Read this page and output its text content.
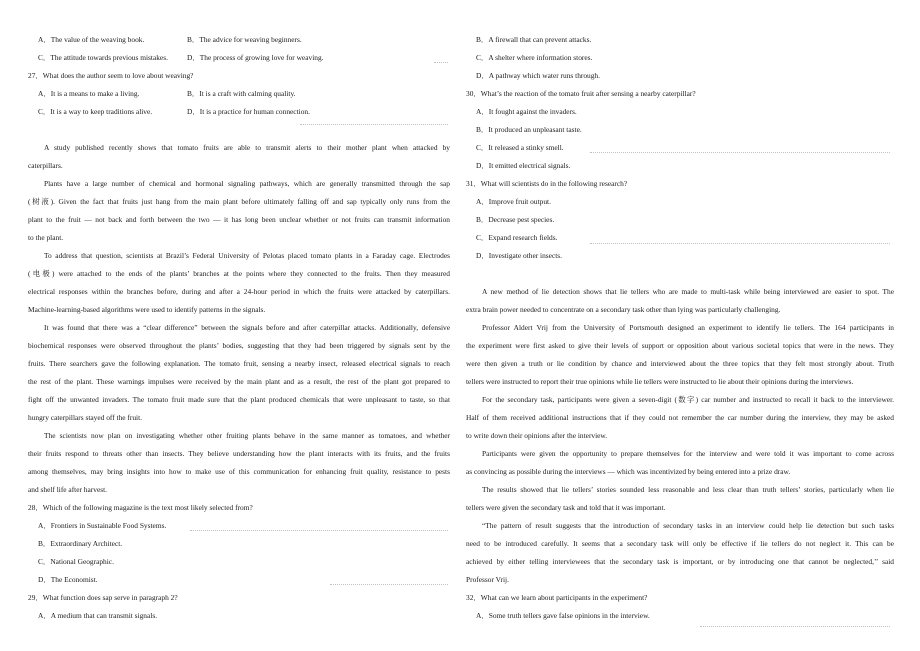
A．The value of the weaving book.	B．The advice for weaving beginners.
C．The attitude towards previous mistakes.	D．The process of growing love for weaving.
27．What does the author seem to love about weaving?
A．It is a means to make a living.	B．It is a craft with calming quality.
C．It is a way to keep traditions alive.	D．It is a practice for human connection.
A study published recently shows that tomato fruits are able to transmit alerts to their mother plant when attacked by
caterpillars.
Plants have a large number of chemical and hormonal signaling pathways, which are generally transmitted through the sap
(树液). Given the fact that fruits just hang from the main plant before ultimately falling off and sap typically only runs from the
plant to the fruit — not back and forth between the two — it has long been unclear whether or not fruits can transmit information
to the plant.
To address that question, scientists at Brazil’s Federal University of Pelotas placed tomato plants in a Faraday cage. Electrodes
(电极) were attached to the ends of the plants’ branches at the points where they connected to the fruits. Then they measured
electrical responses within the branches before, during and after a 24-hour period in which the fruits were attacked by caterpillars.
Machine-learning-based algorithms were used to identify patterns in the signals.
It was found that there was a “clear difference” between the signals before and after caterpillar attacks. Additionally, defensive
biochemical responses were observed throughout the plants’ bodies, suggesting that they had been triggered by signals sent by the
fruits. There searchers gave the following explanation. The tomato fruit, sensing a nearby insect, released electrical signals to reach
the rest of the plant. These warnings impulses were received by the main plant and as a result, the rest of the plant got prepared to
fight off the unwanted invaders. The tomato fruit made sure that the plant produced chemicals that were unpleasant to taste, so that
hungry caterpillars stayed off the fruit.
The scientists now plan on investigating whether other fruiting plants behave in the same manner as tomatoes, and whether
their fruits respond to threats other than insects. They believe understanding how the plant interacts with its fruits, and the fruits
among themselves, may bring insights into how to make use of this communication for enhancing fruit quality, resistance to pests
and shelf life after harvest.
28．Which of the following magazine is the text most likely selected from?
A．Frontiers in Sustainable Food Systems.
B．Extraordinary Architect.
C．National Geographic.
D．The Economist.
29．What function does sap serve in paragraph 2?
A．A medium that can transmit signals.
B．A firewall that can prevent attacks.
C．A shelter where information stores.
D．A pathway which water runs through.
30．What’s the reaction of the tomato fruit after sensing a nearby caterpillar?
A．It fought against the invaders.
B．It produced an unpleasant taste.
C．It released a stinky smell.
D．It emitted electrical signals.
31．What will scientists do in the following research?
A．Improve fruit output.
B．Decrease pest species.
C．Expand research fields.
D．Investigate other insects.
A new method of lie detection shows that lie tellers who are made to multi-task while being interviewed are easier to spot. The
extra brain power needed to concentrate on a secondary task other than lying was particularly challenging.
Professor Aldert Vrij from the University of Portsmouth designed an experiment to identify lie tellers. The 164 participants in
the experiment were first asked to give their levels of support or opposition about various societal topics that were in the news. They
were then given a truth or lie condition by chance and interviewed about the three topics that they felt most strongly about. Truth
tellers were instructed to report their true opinions while lie tellers were instructed to lie about their opinions during the interviews.
For the secondary task, participants were given a seven-digit (数字) car number and instructed to recall it back to the interviewer.
Half of them received additional instructions that if they could not remember the car number during the interview, they may be asked
to write down their opinions after the interview.
Participants were given the opportunity to prepare themselves for the interview and were told it was important to come across
as convincing as possible during the interviews — which was incentivized by being entered into a prize draw.
The results showed that lie tellers’ stories sounded less reasonable and less clear than truth tellers’ stories, particularly when lie
tellers were given the secondary task and told that it was important.
“The pattern of result suggests that the introduction of secondary tasks in an interview could help lie detection but such tasks
need to be introduced carefully. It seems that a secondary task will only be effective if lie tellers do not neglect it. This can be
achieved by either telling interviewees that the secondary task is important, or by introducing one that cannot be neglected,’’ said
Professor Vrij.
32．What can we learn about participants in the experiment?
A．Some truth tellers gave false opinions in the interview.
